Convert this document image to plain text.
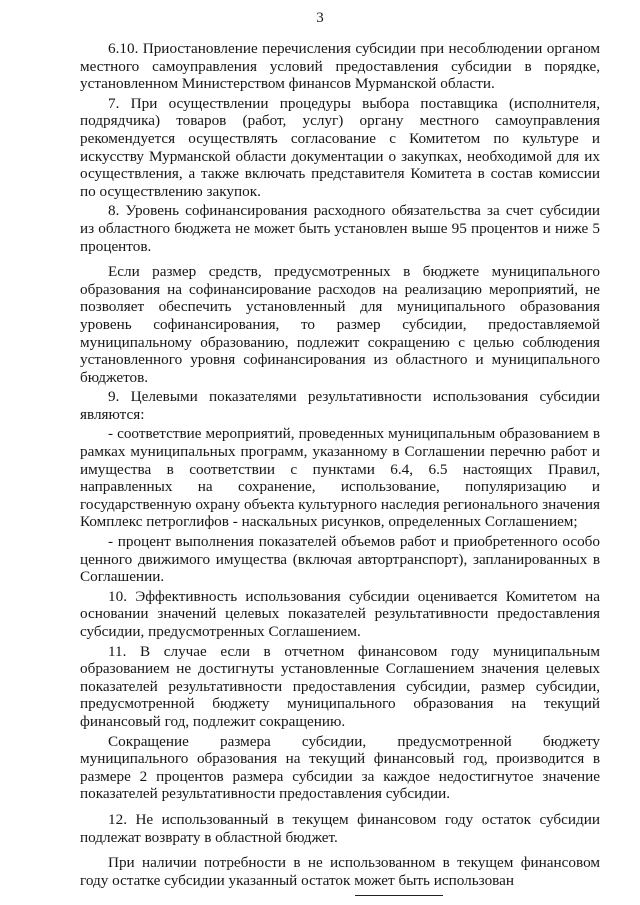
3

6.10. Приостановление перечисления субсидии при несоблюдении органом местного самоуправления условий предоставления субсидии в порядке, установленном Министерством финансов Мурманской области.

7. При осуществлении процедуры выбора поставщика (исполнителя, подрядчика) товаров (работ, услуг) органу местного самоуправления рекомендуется осуществлять согласование с Комитетом по культуре и искусству Мурманской области документации о закупках, необходимой для их осуществления, а также включать представителя Комитета в состав комиссии по осуществлению закупок.

8. Уровень софинансирования расходного обязательства за счет субсидии из областного бюджета не может быть установлен выше 95 процентов и ниже 5 процентов.

Если размер средств, предусмотренных в бюджете муниципального образования на софинансирование расходов на реализацию мероприятий, не позволяет обеспечить установленный для муниципального образования уровень софинансирования, то размер субсидии, предоставляемой муниципальному образованию, подлежит сокращению с целью соблюдения установленного уровня софинансирования из областного и муниципального бюджетов.

9. Целевыми показателями результативности использования субсидии являются:

- соответствие мероприятий, проведенных муниципальным образованием в рамках муниципальных программ, указанному в Соглашении перечню работ и имущества в соответствии с пунктами 6.4, 6.5 настоящих Правил, направленных на сохранение, использование, популяризацию и государственную охрану объекта культурного наследия регионального значения Комплекс петроглифов - наскальных рисунков, определенных Соглашением;

- процент выполнения показателей объемов работ и приобретенного особо ценного движимого имущества (включая автортранспорт), запланированных в Соглашении.

10. Эффективность использования субсидии оценивается Комитетом на основании значений целевых показателей результативности предоставления субсидии, предусмотренных Соглашением.

11. В случае если в отчетном финансовом году муниципальным образованием не достигнуты установленные Соглашением значения целевых показателей результативности предоставления субсидии, размер субсидии, предусмотренной бюджету муниципального образования на текущий финансовый год, подлежит сокращению.

Сокращение размера субсидии, предусмотренной бюджету муниципального образования на текущий финансовый год, производится в размере 2 процентов размера субсидии за каждое недостигнутое значение показателей результативности предоставления субсидии.

12. Не использованный в текущем финансовом году остаток субсидии подлежат возврату в областной бюджет.

При наличии потребности в не использованном в текущем финансовом году остатке субсидии указанный остаток может быть использован
